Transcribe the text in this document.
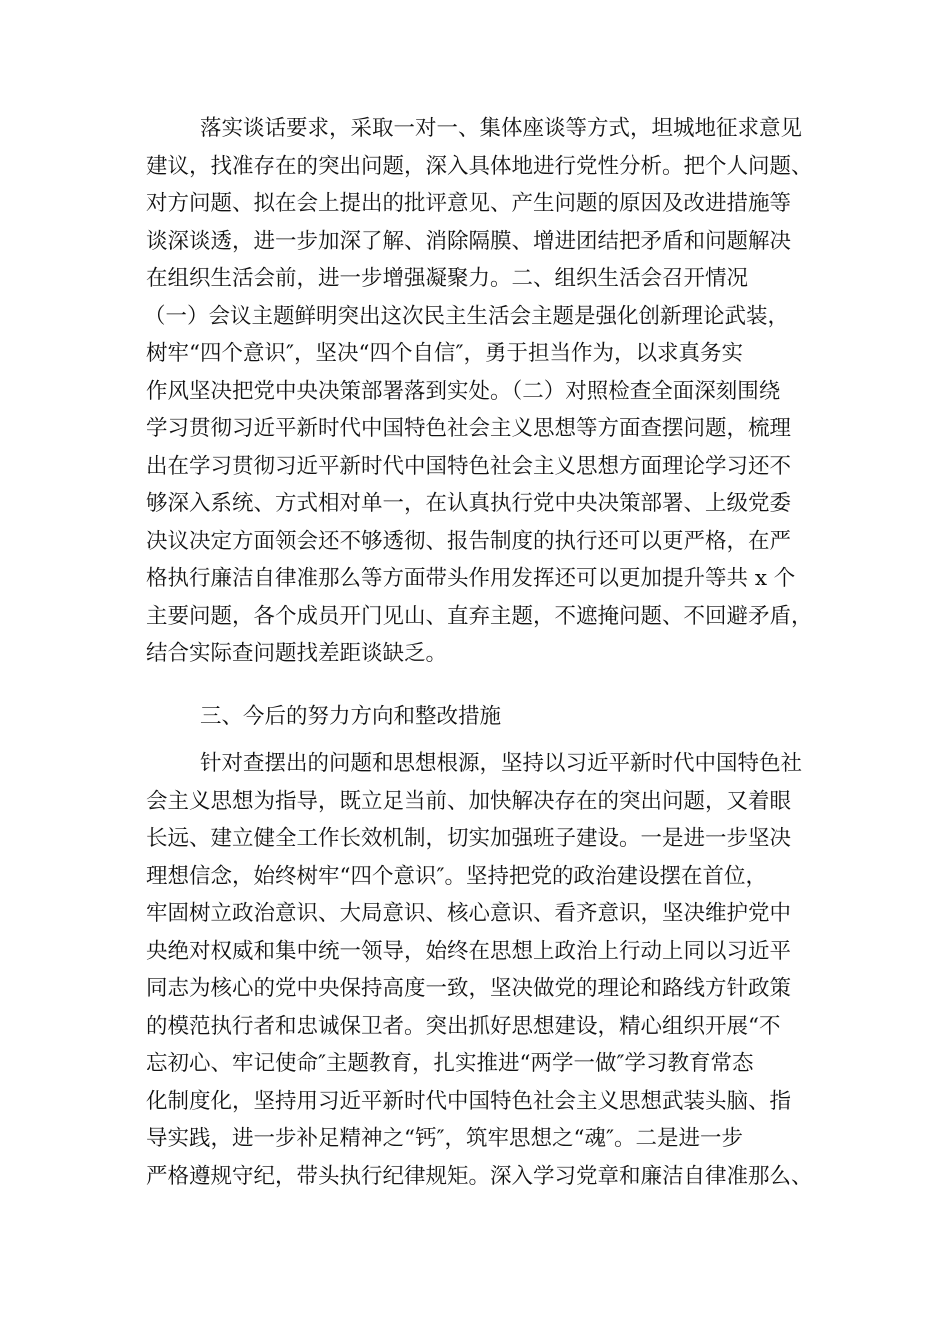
落实谈话要求，采取一对一、集体座谈等方式，坦城地征求意见

建议，找准存在的突出问题，深入具体地进行党性分析。把个人问题、

对方问题、拟在会上提出的批评意见、产生问题的原因及改进措施等

谈深谈透，进一步加深了解、消除隔膜、增进团结把矛盾和问题解决

在组织生活会前，进一步增强凝聚力。二、组织生活会召开情况

（一）会议主题鲜明突出这次民主生活会主题是强化创新理论武装，

树牢“四个意识″，坚决“四个自信″，勇于担当作为，以求真务实

作风坚决把党中央决策部署落到实处。（二）对照检查全面深刻围绕

学习贯彻习近平新时代中国特色社会主义思想等方面查摆问题，梳理

出在学习贯彻习近平新时代中国特色社会主义思想方面理论学习还不

够深入系统、方式相对单一，在认真执行党中央决策部署、上级党委

决议决定方面领会还不够透彻、报告制度的执行还可以更严格，在严

格执行廉洁自律准那么等方面带头作用发挥还可以更加提升等共 x 个

主要问题，各个成员开门见山、直弃主题，不遮掩问题、不回避矛盾，

结合实际查问题找差距谈缺乏。

三、今后的努力方向和整改措施

针对查摆出的问题和思想根源，坚持以习近平新时代中国特色社

会主义思想为指导，既立足当前、加快解决存在的突出问题，又着眼

长远、建立健全工作长效机制，切实加强班子建设。一是进一步坚决

理想信念，始终树牢“四个意识″。坚持把党的政治建设摆在首位，

牢固树立政治意识、大局意识、核心意识、看齐意识，坚决维护党中

央绝对权威和集中统一领导，始终在思想上政治上行动上同以习近平

同志为核心的党中央保持高度一致，坚决做党的理论和路线方针政策

的模范执行者和忠诚保卫者。突出抓好思想建设，精心组织开展“不

忘初心、牢记使命″主题教育，扎实推进“两学一做″学习教育常态

化制度化，坚持用习近平新时代中国特色社会主义思想武装头脑、指

导实践，进一步补足精神之“钙″，筑牢思想之“魂″。二是进一步

严格遵规守纪，带头执行纪律规矩。深入学习党章和廉洁自律准那么、
